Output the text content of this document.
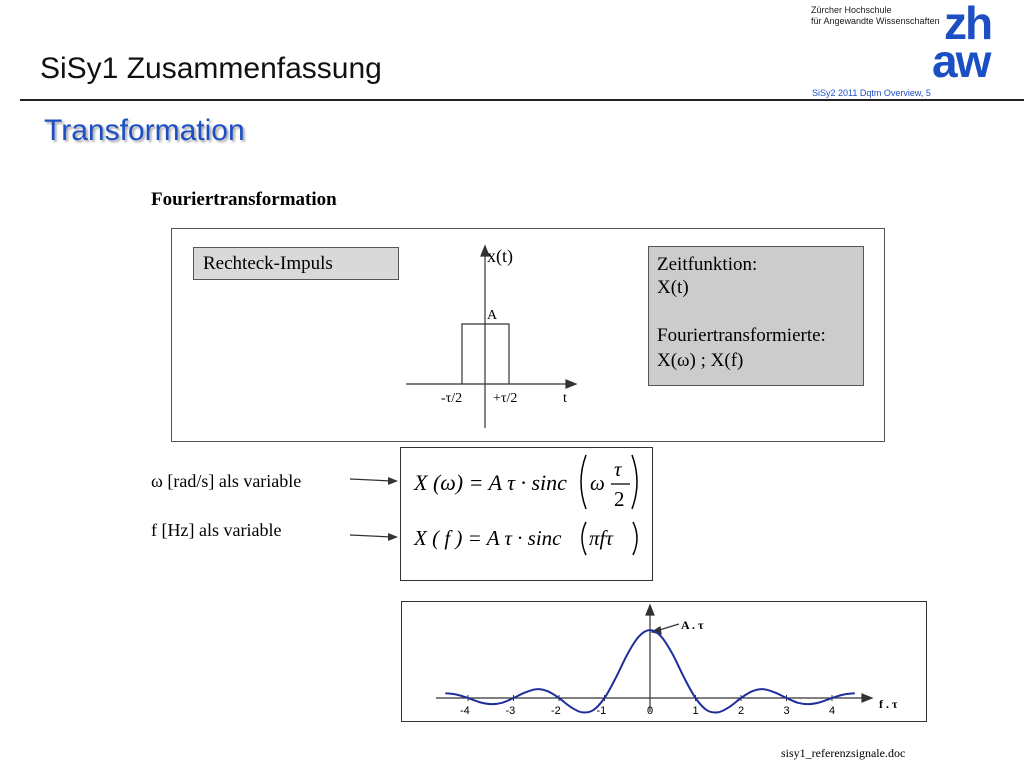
SiSy1 Zusammenfassung
Transformation
Zürcher Hochschule
für Angewandte Wissenschaften
SiSy2 2011 Dqtm Overview, 5
zh
aw
Fouriertransformation
Rechteck-Impuls	x(t)
A
-τ/2 +τ/2	t
Zeitfunktion:
X(t)
Fouriertransformierte:
X(ω) ; X(f)
ω [rad/s] als variable
f [Hz] als variable
X (ω) = A τ · sinc ω
τ
2
X ( f ) = A τ · sinc πfτ
-4	-3	-2	-1	0	1	2	3	4
A . τ
f . τ
sisy1_referenzsignale.doc
